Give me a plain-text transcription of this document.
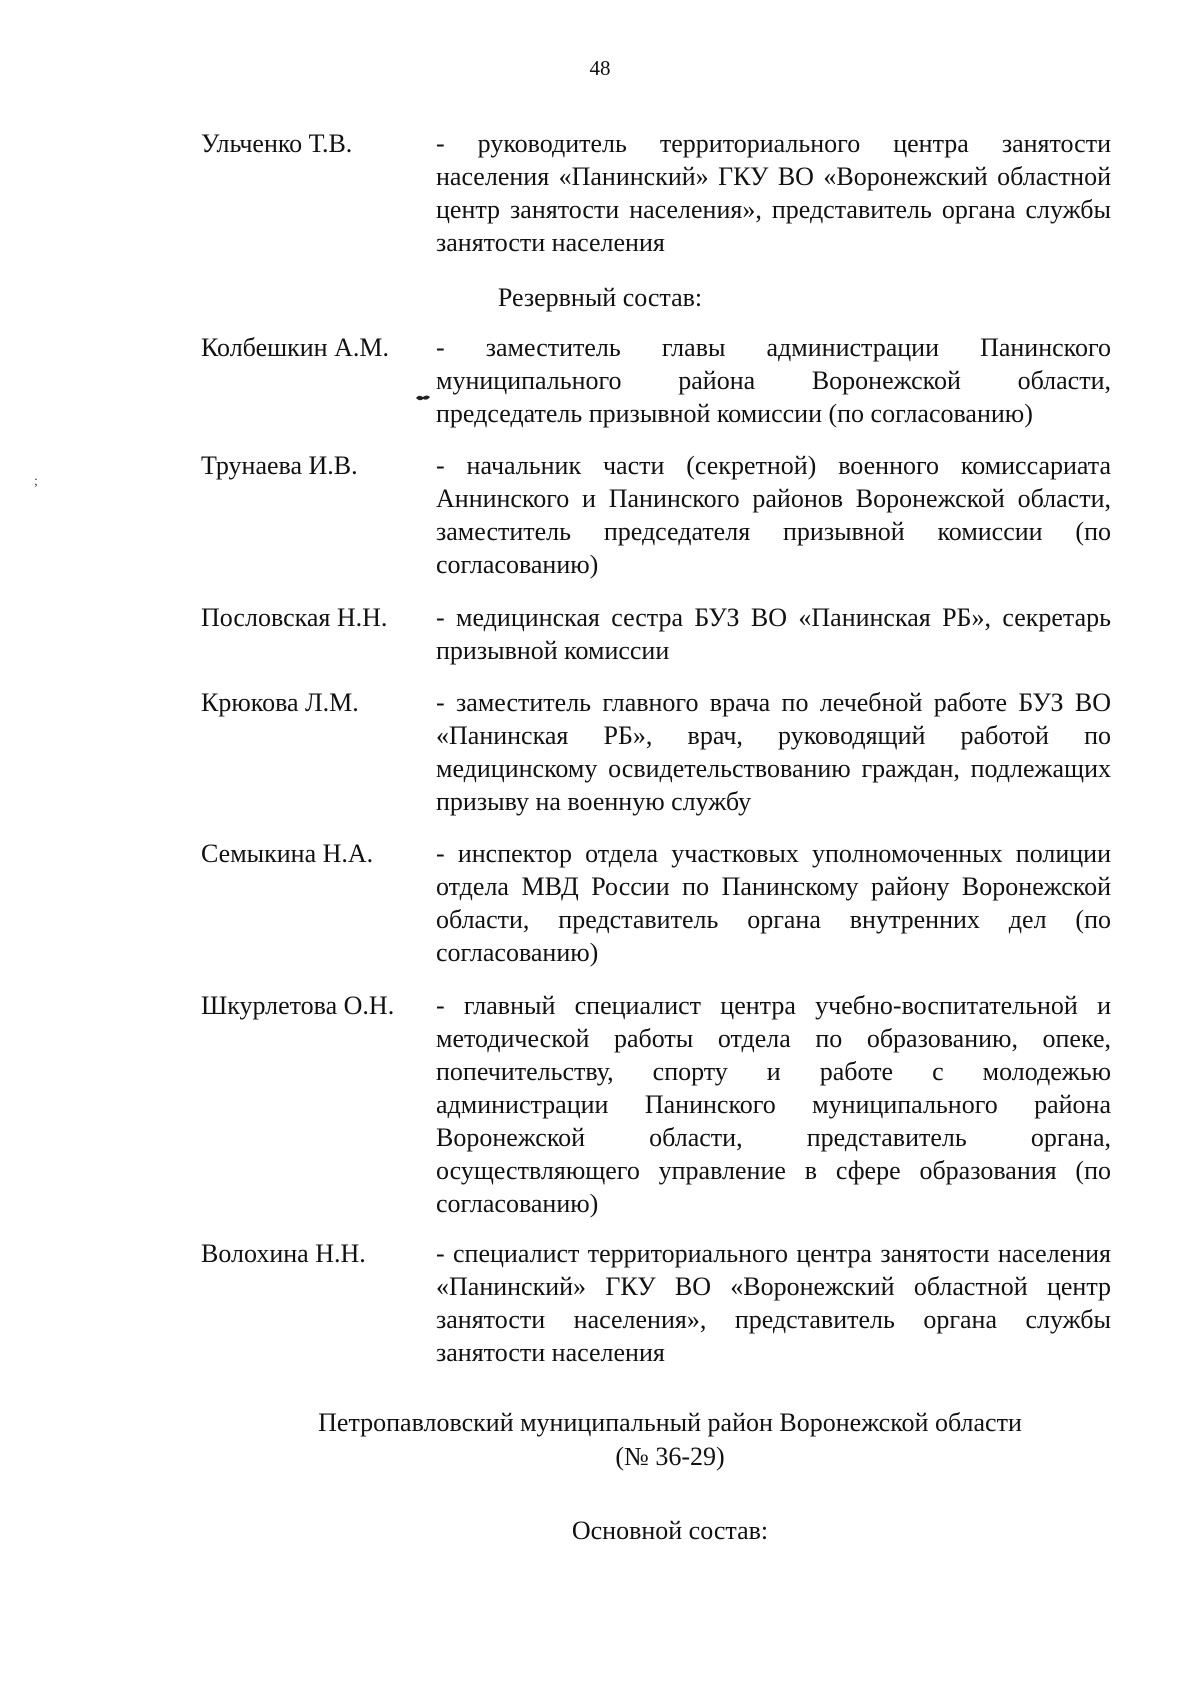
48
Ульченко Т.В.	- руководитель территориального центра занятости населения «Панинский» ГКУ ВО «Воронежский областной центр занятости населения», представитель органа службы занятости населения
Резервный состав:
Колбешкин А.М.	- заместитель главы администрации Панинского муниципального района Воронежской области, председатель призывной комиссии (по согласованию)
;
Трунаева И.В.	- начальник части (секретной) военного комиссариата Аннинского и Панинского районов Воронежской области, заместитель председателя призывной комиссии (по согласованию)
Пословская Н.Н.	- медицинская сестра БУЗ ВО «Панинская РБ», секретарь призывной комиссии
Крюкова Л.М.	- заместитель главного врача по лечебной работе БУЗ ВО «Панинская РБ», врач, руководящий работой по медицинскому освидетельствованию граждан, подлежащих призыву на военную службу
Семыкина Н.А.	- инспектор отдела участковых уполномоченных полиции отдела МВД России по Панинскому району Воронежской области, представитель органа внутренних дел (по согласованию)
Шкурлетова О.Н.	- главный специалист центра учебно-воспитательной и методической работы отдела по образованию, опеке, попечительству, спорту и работе с молодежью администрации Панинского муниципального района Воронежской области, представитель органа, осуществляющего управление в сфере образования (по согласованию)
Волохина Н.Н.	- специалист территориального центра занятости населения «Панинский» ГКУ ВО «Воронежский областной центр занятости населения», представитель органа службы занятости населения
Петропавловский муниципальный район Воронежской области
(№ 36-29)
Основной состав:
